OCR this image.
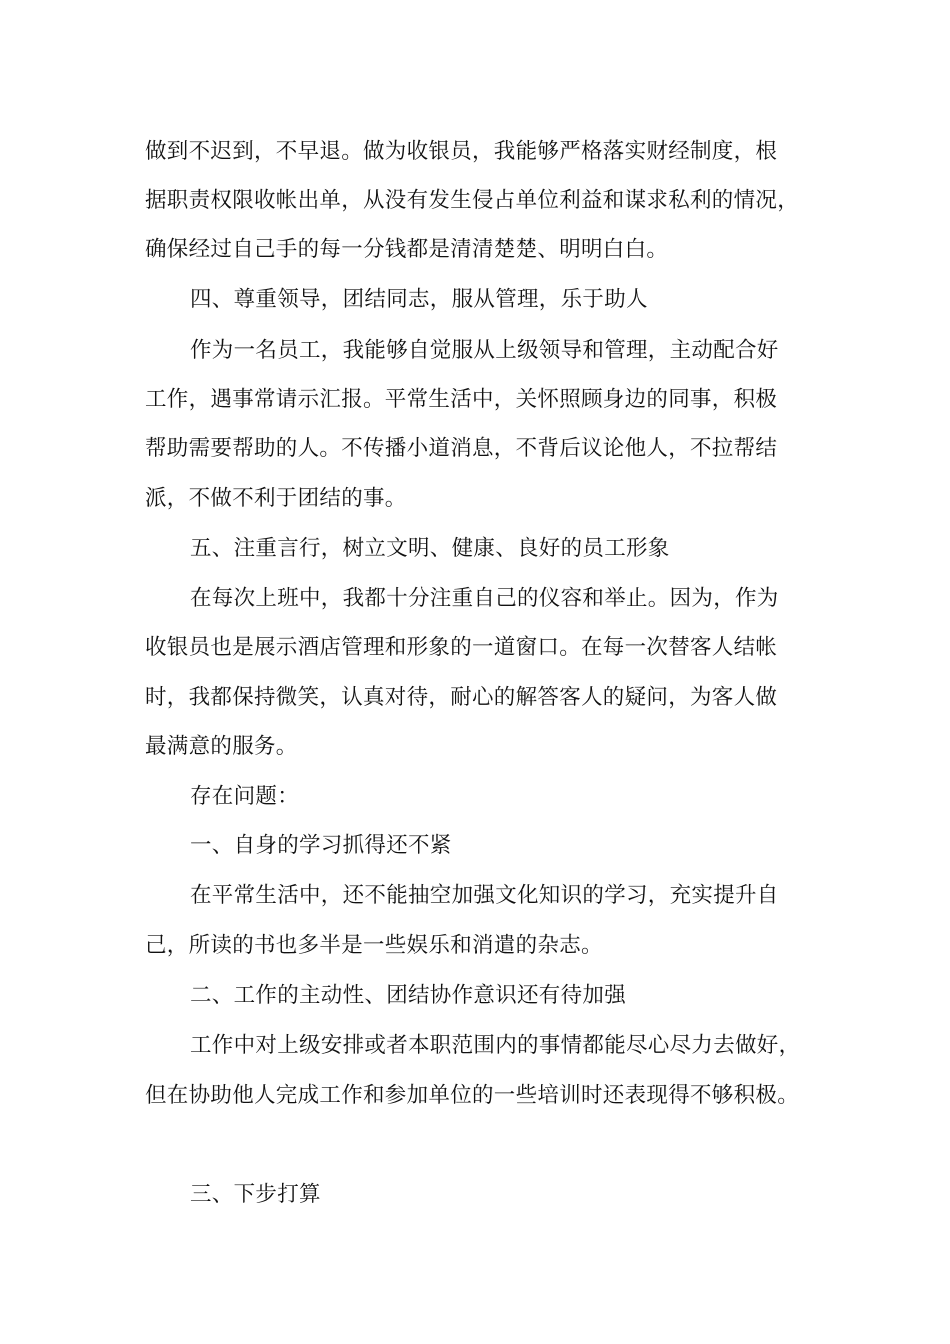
做到不迟到，不早退。做为收银员，我能够严格落实财经制度，根
据职责权限收帐出单，从没有发生侵占单位利益和谋求私利的情况，
确保经过自己手的每一分钱都是清清楚楚、明明白白。
四、尊重领导，团结同志，服从管理，乐于助人
作为一名员工，我能够自觉服从上级领导和管理，主动配合好
工作，遇事常请示汇报。平常生活中，关怀照顾身边的同事，积极
帮助需要帮助的人。不传播小道消息，不背后议论他人，不拉帮结
派，不做不利于团结的事。
五、注重言行，树立文明、健康、良好的员工形象
在每次上班中，我都十分注重自己的仪容和举止。因为，作为
收银员也是展示酒店管理和形象的一道窗口。在每一次替客人结帐
时，我都保持微笑，认真对待，耐心的解答客人的疑问，为客人做
最满意的服务。
存在问题：
一、自身的学习抓得还不紧
在平常生活中，还不能抽空加强文化知识的学习，充实提升自
己，所读的书也多半是一些娱乐和消遣的杂志。
二、工作的主动性、团结协作意识还有待加强
工作中对上级安排或者本职范围内的事情都能尽心尽力去做好，
但在协助他人完成工作和参加单位的一些培训时还表现得不够积极。
三、下步打算
